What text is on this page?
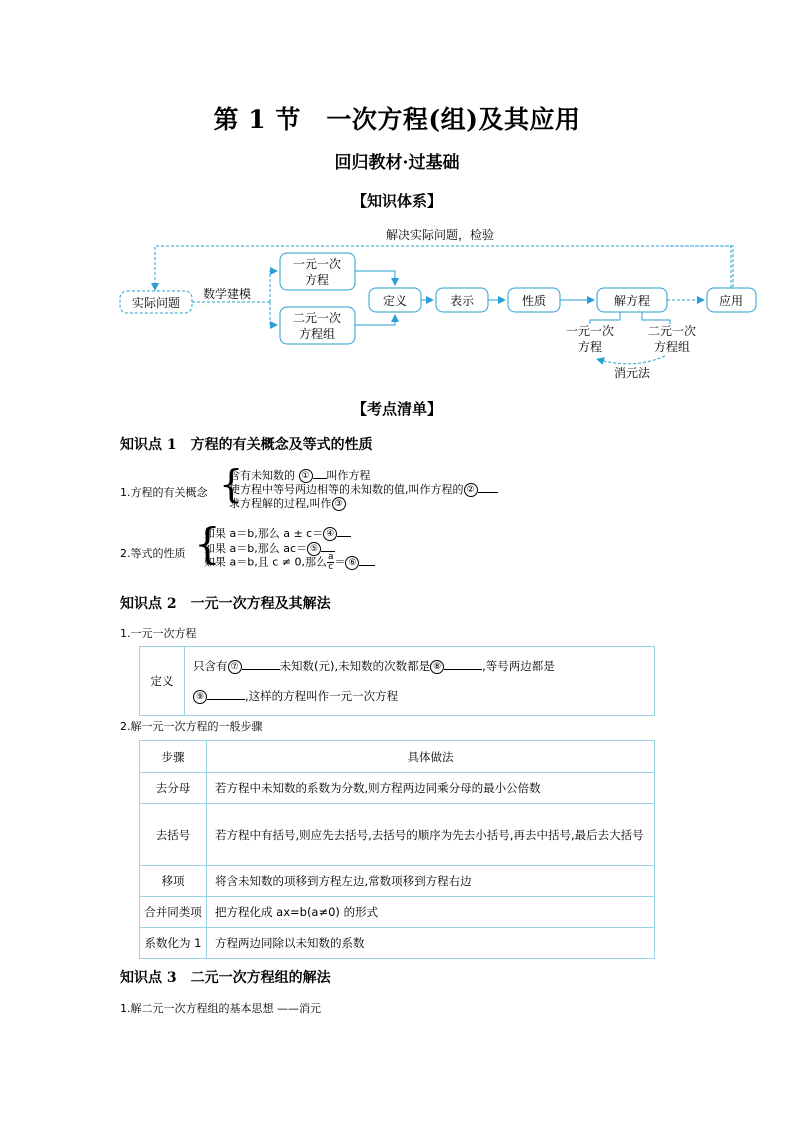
第 1 节　一次方程(组)及其应用
回归教材·过基础
【知识体系】
解决实际问题，检验
实际问题
数学建模
一元一次
方程
二元一次
方程组
定义	表示	性质	解方程
一元一次
方程
二元一次
方程组
消元法
应用
【考点清单】
知识点 1　方程的有关概念及等式的性质
1.方程的有关概念 {
含有未知数的 ① 叫作方程
使方程中等号两边相等的未知数的值,叫作方程的 ②
求方程解的过程,叫作 ③
2.等式的性质 {
如果 a＝b,那么 a ± c＝ ④
如果 a＝b,那么 ac＝ ⑤
如果 a＝b,且 c ≠ 0,那么 $\frac{a}{c}$ ＝ ⑥
知识点 2　一元一次方程及其解法
1.一元一次方程
定义	只含有 ⑦	未知数(元),未知数的次数都是 ⑧	,等号两边都是
⑨	,这样的方程叫作一元一次方程
2.解一元一次方程的一般步骤
步骤	具体做法
去分母	若方程中未知数的系数为分数,则方程两边同乘分母的最小公倍数
去括号	若方程中有括号,则应先去括号,去括号的顺序为先去小括号,再去中括号,最后去大括号
移项	将含未知数的项移到方程左边,常数项移到方程右边
合并同类项	把方程化成 ax=b(a≠0) 的形式
系数化为 1	方程两边同除以未知数的系数
知识点 3　二元一次方程组的解法
1.解二元一次方程组的基本思想 ——消元
